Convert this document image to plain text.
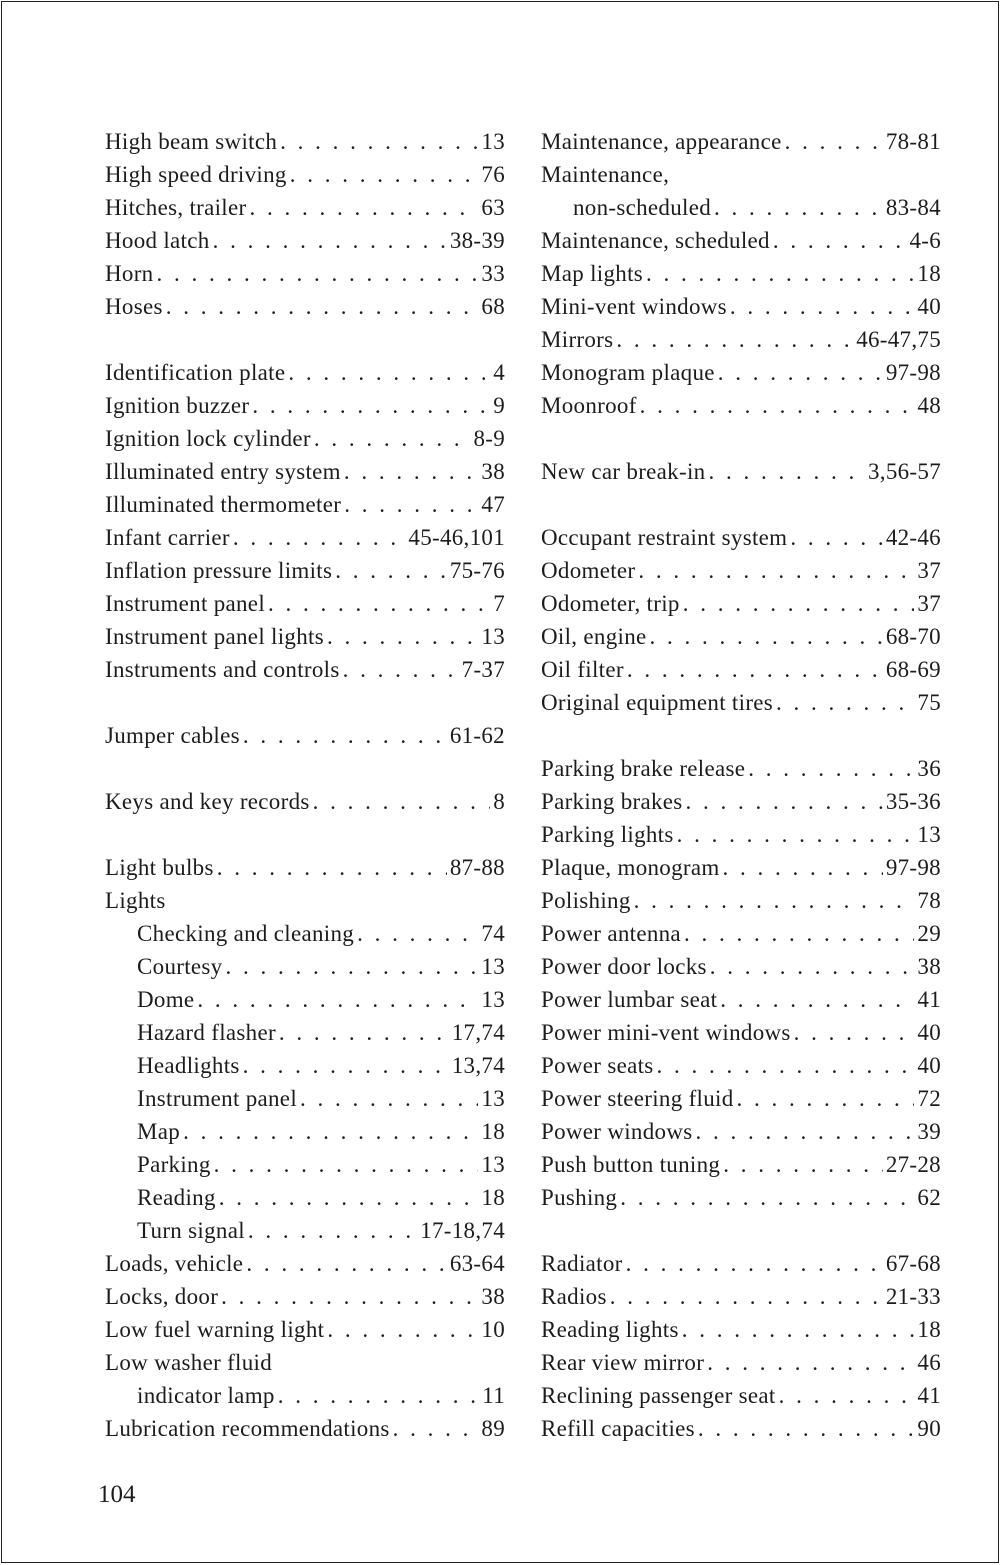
High beam switch . . .	13
High speed driving . . .	76
Hitches, trailer . . .	63
Hood latch . . .	38-39
Horn . . .	33
Hoses . . .	68
Identification plate . . .	4
Ignition buzzer . . .	9
Ignition lock cylinder . . .	8-9
Illuminated entry system . . .	38
Illuminated thermometer . . .	47
Infant carrier . . .	45-46,101
Inflation pressure limits . . .	75-76
Instrument panel . . .	7
Instrument panel lights . . .	13
Instruments and controls . . .	7-37
Jumper cables . . .	61-62
Keys and key records . . .	8
Light bulbs . . .	87-88
Lights
Checking and cleaning . . .	74
Courtesy . . .	13
Dome . . .	13
Hazard flasher . . .	17,74
Headlights . . .	13,74
Instrument panel . . .	13
Map . . .	18
Parking . . .	13
Reading . . .	18
Turn signal . . .	17-18,74
Loads, vehicle . . .	63-64
Locks, door . . .	38
Low fuel warning light . . .	10
Low washer fluid
indicator lamp . . .	11
Lubrication recommendations . . .	89
Maintenance, appearance . . .	78-81
Maintenance,
non-scheduled . . .	83-84
Maintenance, scheduled . . .	4-6
Map lights . . .	18
Mini-vent windows . . .	40
Mirrors . . .	46-47,75
Monogram plaque . . .	97-98
Moonroof . . .	48
New car break-in . . .	3,56-57
Occupant restraint system . . .	42-46
Odometer . . .	37
Odometer, trip . . .	37
Oil, engine . . .	68-70
Oil filter . . .	68-69
Original equipment tires . . .	75
Parking brake release . . .	36
Parking brakes . . .	35-36
Parking lights . . .	13
Plaque, monogram . . .	97-98
Polishing . . .	78
Power antenna . . .	29
Power door locks . . .	38
Power lumbar seat . . .	41
Power mini-vent windows . . .	40
Power seats . . .	40
Power steering fluid . . .	72
Power windows . . .	39
Push button tuning . . .	27-28
Pushing . . .	62
Radiator . . .	67-68
Radios . . .	21-33
Reading lights . . .	18
Rear view mirror . . .	46
Reclining passenger seat . . .	41
Refill capacities . . .	90
104
